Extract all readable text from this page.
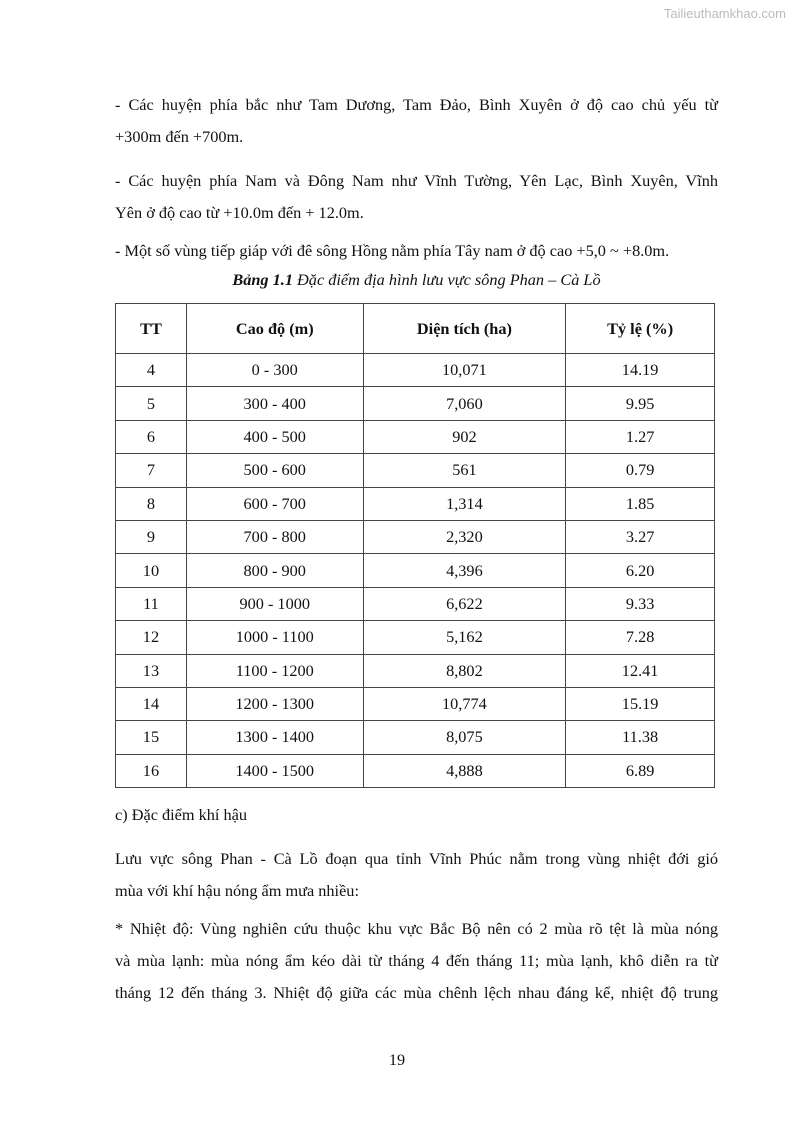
Tailieuthamkhao.com
- Các huyện phía bắc như Tam Dương, Tam Đảo, Bình Xuyên ở độ cao chủ yếu từ
+300m đến +700m.
- Các huyện phía Nam và Đông Nam như Vĩnh Tường, Yên Lạc, Bình Xuyên, Vĩnh
Yên ở độ cao từ +10.0m đến + 12.0m.
- Một số vùng tiếp giáp với đê sông Hồng nằm phía Tây nam ở độ cao +5,0 ~ +8.0m.
Bảng 1.1 Đặc điểm địa hình lưu vực sông Phan – Cà Lồ
TT	Cao độ (m)	Diện tích (ha)	Tỷ lệ (%)
4	0 - 300	10,071	14.19
5	300 - 400	7,060	9.95
6	400 - 500	902	1.27
7	500 - 600	561	0.79
8	600 - 700	1,314	1.85
9	700 - 800	2,320	3.27
10	800 - 900	4,396	6.20
11	900 - 1000	6,622	9.33
12	1000 - 1100	5,162	7.28
13	1100 - 1200	8,802	12.41
14	1200 - 1300	10,774	15.19
15	1300 - 1400	8,075	11.38
16	1400 - 1500	4,888	6.89
c) Đặc điểm khí hậu
Lưu vực sông Phan - Cà Lồ đoạn qua tỉnh Vĩnh Phúc nằm trong vùng nhiệt đới gió
mùa với khí hậu nóng ẩm mưa nhiều:
* Nhiệt độ: Vùng nghiên cứu thuộc khu vực Bắc Bộ nên có 2 mùa rõ tệt là mùa nóng
và mùa lạnh: mùa nóng ẩm kéo dài từ tháng 4 đến tháng 11; mùa lạnh, khô diễn ra từ
tháng 12 đến tháng 3. Nhiệt độ giữa các mùa chênh lệch nhau đáng kể, nhiệt độ trung
19
